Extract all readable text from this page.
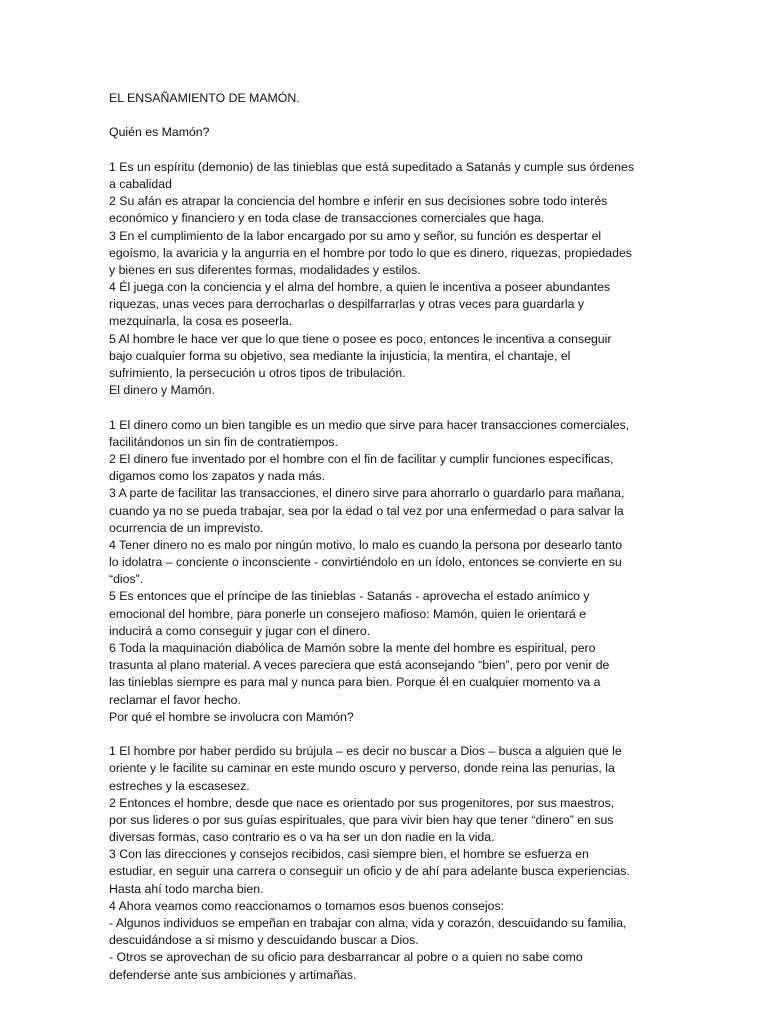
EL ENSAÑAMIENTO DE MAMÓN.
Quién es Mamón?
1 Es un espíritu (demonio) de las tinieblas que está supeditado a Satanás y cumple sus órdenes
a cabalidad
2 Su afán es atrapar la conciencia del hombre e inferir en sus decisiones sobre todo interés
económico y financiero y en toda clase de transacciones comerciales que haga.
3 En el cumplimiento de la labor encargado por su amo y señor, su función es despertar el
egoísmo, la avaricia y la angurria en el hombre por todo lo que es dinero, riquezas, propiedades
y bienes en sus diferentes formas, modalidades y estilos.
4 Él juega con la conciencia y el alma del hombre, a quien le incentiva a poseer abundantes
riquezas, unas veces para derrocharlas o despilfarrarlas y otras veces para guardarla y
mezquinarla, la cosa es poseerla.
5 Al hombre le hace ver que lo que tiene o posee es poco, entonces le incentiva a conseguir
bajo cualquier forma su objetivo, sea mediante la injusticia, la mentira, el chantaje, el
sufrimiento, la persecución u otros tipos de tribulación.
El dinero y Mamón.
1 El dinero como un bien tangible es un medio que sirve para hacer transacciones comerciales,
facilitándonos un sin fin de contratiempos.
2 El dinero fue inventado por el hombre con el fin de facilitar y cumplir funciones específicas,
digamos como los zapatos y nada más.
3 A parte de facilitar las transacciones, el dinero sirve para ahorrarlo o guardarlo para mañana,
cuando ya no se pueda trabajar, sea por la edad o tal vez por una enfermedad o para salvar la
ocurrencia de un imprevisto.
4 Tener dinero no es malo por ningún motivo, lo malo es cuando la persona por desearlo tanto
lo idolatra – conciente o inconsciente - convirtiéndolo en un ídolo, entonces se convierte en su
“dios”.
5 Es entonces que el príncipe de las tinieblas - Satanás - aprovecha el estado anímico y
emocional del hombre, para ponerle un consejero mafioso: Mamón, quien le orientará e
inducirá a como conseguir y jugar con el dinero.
6 Toda la maquinación diabólica de Mamón sobre la mente del hombre es espiritual, pero
trasunta al plano material. A veces pareciera que está aconsejando “bien”, pero por venir de
las tinieblas siempre es para mal y nunca para bien. Porque él en cualquier momento va a
reclamar el favor hecho.
Por qué el hombre se involucra con Mamón?
1 El hombre por haber perdido su brújula – es decir no buscar a Dios – busca a alguien que le
oriente y le facilite su caminar en este mundo oscuro y perverso, donde reina las penurias, la
estreches y la escasesez.
2 Entonces el hombre, desde que nace es orientado por sus progenitores, por sus maestros,
por sus lideres o por sus guías espirituales, que para vivir bien hay que tener “dinero” en sus
diversas formas, caso contrario es o va ha ser un don nadie en la vida.
3 Con las direcciones y consejos recibidos, casi siempre bien, el hombre se esfuerza en
estudiar, en seguir una carrera o conseguir un oficio y de ahí para adelante busca experiencias.
Hasta ahí todo marcha bien.
4 Ahora veamos como reaccionamos o tomamos esos buenos consejos:
- Algunos individuos se empeñan en trabajar con alma, vida y corazón, descuidando su familia,
descuidándose a si mismo y descuidando buscar a Dios.
- Otros se aprovechan de su oficio para desbarrancar al pobre o a quien no sabe como
defenderse ante sus ambiciones y artimañas.
